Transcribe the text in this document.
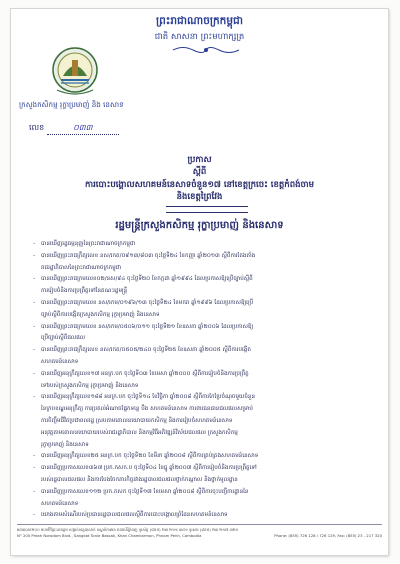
ព្រះរាជាណាចក្រកម្ពុជា
ជាតិ សាសនា ព្រះមហាក្សត្រ
ក្រសួងកសិកម្ម រុក្ខាប្រមាញ់ និង នេសាទ
លេខ	០៣៣
ប្រកាស
ស្តីពី
ការបោះបង្គោលសហគមន៍នេសាទចំនួន១៧ នៅខេត្តក្រចេះ ខេត្តកំពង់ចាម
និងខេត្តព្រៃវែង
រដ្ឋមន្ត្រីក្រសួងកសិកម្ម រុក្ខាប្រមាញ់ និងនេសាទ
- បានឃើញរដ្ឋធម្មនុញ្ញនៃព្រះរាជាណាចក្រកម្ពុជា
- បានឃើញព្រះរាជក្រឹត្យលេខ នស/រកត/០៩១៣/៨០៣ ចុះថ្ងៃទី២៤ ខែកញ្ញា ឆ្នាំ២០១៣ ស្តីពីការតែងតាំង
រាជរដ្ឋាភិបាលនៃព្រះរាជាណាចក្រកម្ពុជា
- បានឃើញព្រះរាជក្រមលេខ០២/នស/៩៤ ចុះថ្ងៃទី២០ ខែកក្កដា ឆ្នាំ១៩៩៤ ដែលប្រកាសឱ្យប្រើច្បាប់ស្តីពី
ការរៀបចំនិងការប្រព្រឹត្តទៅនៃគណៈរដ្ឋមន្ត្រី
- បានឃើញព្រះរាជក្រមលេខ នស/រកម/០១៩៦/១៣ ចុះថ្ងៃទី២៤ ខែមករា ឆ្នាំ១៩៩៦ ដែលប្រកាសឱ្យប្រើ
ច្បាប់ស្តីពីការបង្កើតក្រសួងកសិកម្ម រុក្ខាប្រមាញ់ និងនេសាទ
- បានឃើញព្រះរាជក្រមលេខ នស/រកម/០៥០៦/០១១ ចុះថ្ងៃទី២១ ខែឧសភា ឆ្នាំ២០០៦ ដែលប្រកាសឱ្យ
ប្រើច្បាប់ស្តីពីជលផល
- បានឃើញព្រះរាជក្រឹត្យលេខ នស/រកត/០៥០៥/២៤០ ចុះថ្ងៃទី២៥ ខែឧសភា ឆ្នាំ២០០៥ ស្តីពីការបង្កើត
សហគមន៍នេសាទ
- បានឃើញអនុក្រឹត្យលេខ១៧ អនក្រ.បក ចុះថ្ងៃទី០៣ ខែមេសា ឆ្នាំ២០០០ ស្តីពីការរៀបចំនិងការប្រព្រឹត្ត
ទៅរបស់ក្រសួងកសិកម្ម រុក្ខាប្រមាញ់ និងនេសាទ
- បានឃើញអនុក្រឹត្យលេខ១៨៨ អនក្រ.បក ចុះថ្ងៃទី១៤ ខែវិច្ឆិកា ឆ្នាំ២០០៨ ស្តីពីការកែប្រែចំណុចមួយចំនួន
នៃក្របខណ្ឌអនុក្រឹត្យ ការប្រគល់អំណាចផ្នែកទន្លេ បឹង សហគមន៍នេសាទ ការពារធនធានជលផលសម្រាប់
ការចិញ្ចឹមជីវិតប្រជាពលរដ្ឋ ស្របតាមគោលនយោបាយកសិកម្ម និងការរៀបចំសហគមន៍នេសាទ
អនុវត្តតាមគោលនយោបាយរបស់រាជរដ្ឋាភិបាល និងកម្មវិធីអភិវឌ្ឍន៍វិស័យជលផល ក្រសួងកសិកម្ម
រុក្ខាប្រមាញ់ និងនេសាទ
- បានឃើញអនុក្រឹត្យលេខ២៥ អនក្រ.បក ចុះថ្ងៃទី២០ ខែមីនា ឆ្នាំ២០០៨ ស្តីពីការគ្រប់គ្រងសហគមន៍នេសាទ
- បានឃើញប្រកាសលេខ៣៦៧ ប្រក.កសក.ប ចុះថ្ងៃទី០៤ ខែធ្នូ ឆ្នាំ២០០៧ ស្តីពីការរៀបចំនិងការប្រព្រឹត្តទៅ
របស់រដ្ឋបាលជលផល និងការបែងចែកភារកិច្ចរវាងរដ្ឋបាលជលផលថ្នាក់កណ្តាល និងថ្នាក់មូលដ្ឋាន
- បានឃើញប្រកាសលេខ១១២ ប្រក.កសក ចុះថ្ងៃទី១៧ ខែមេសា ឆ្នាំ២០០៨ ស្តីពីការចុះបញ្ជីការដ្ឋាននៃ
សហគមន៍នេសាទ
- យោងតាមសំណើរបស់ប្រធានរដ្ឋបាលជលផលស្តីពីការបោះបង្គោលព្រំដែនសហគមន៍នេសាទ
អគារលេខ២០០ មហាវិថីព្រះនរោត្តម សង្កាត់ទន្លេបាសាក់ ខណ្ឌចំការមន រាជធានីភ្នំពេញ ទូរស័ព្ទ (៨៥៥) ២៣ ២១១ ៣៥១ ទូរសារ (៨៥៥) ២៣ ២១៧ ៣២០
N° 200 Preah Norodom Blvd., Sangkat Tonle Bassak, Khan Chamkarmon, Phnom Penh, Cambodia	Phone: (855) 726 128 / 726 129, Fax: (855) 23 - 217 320
